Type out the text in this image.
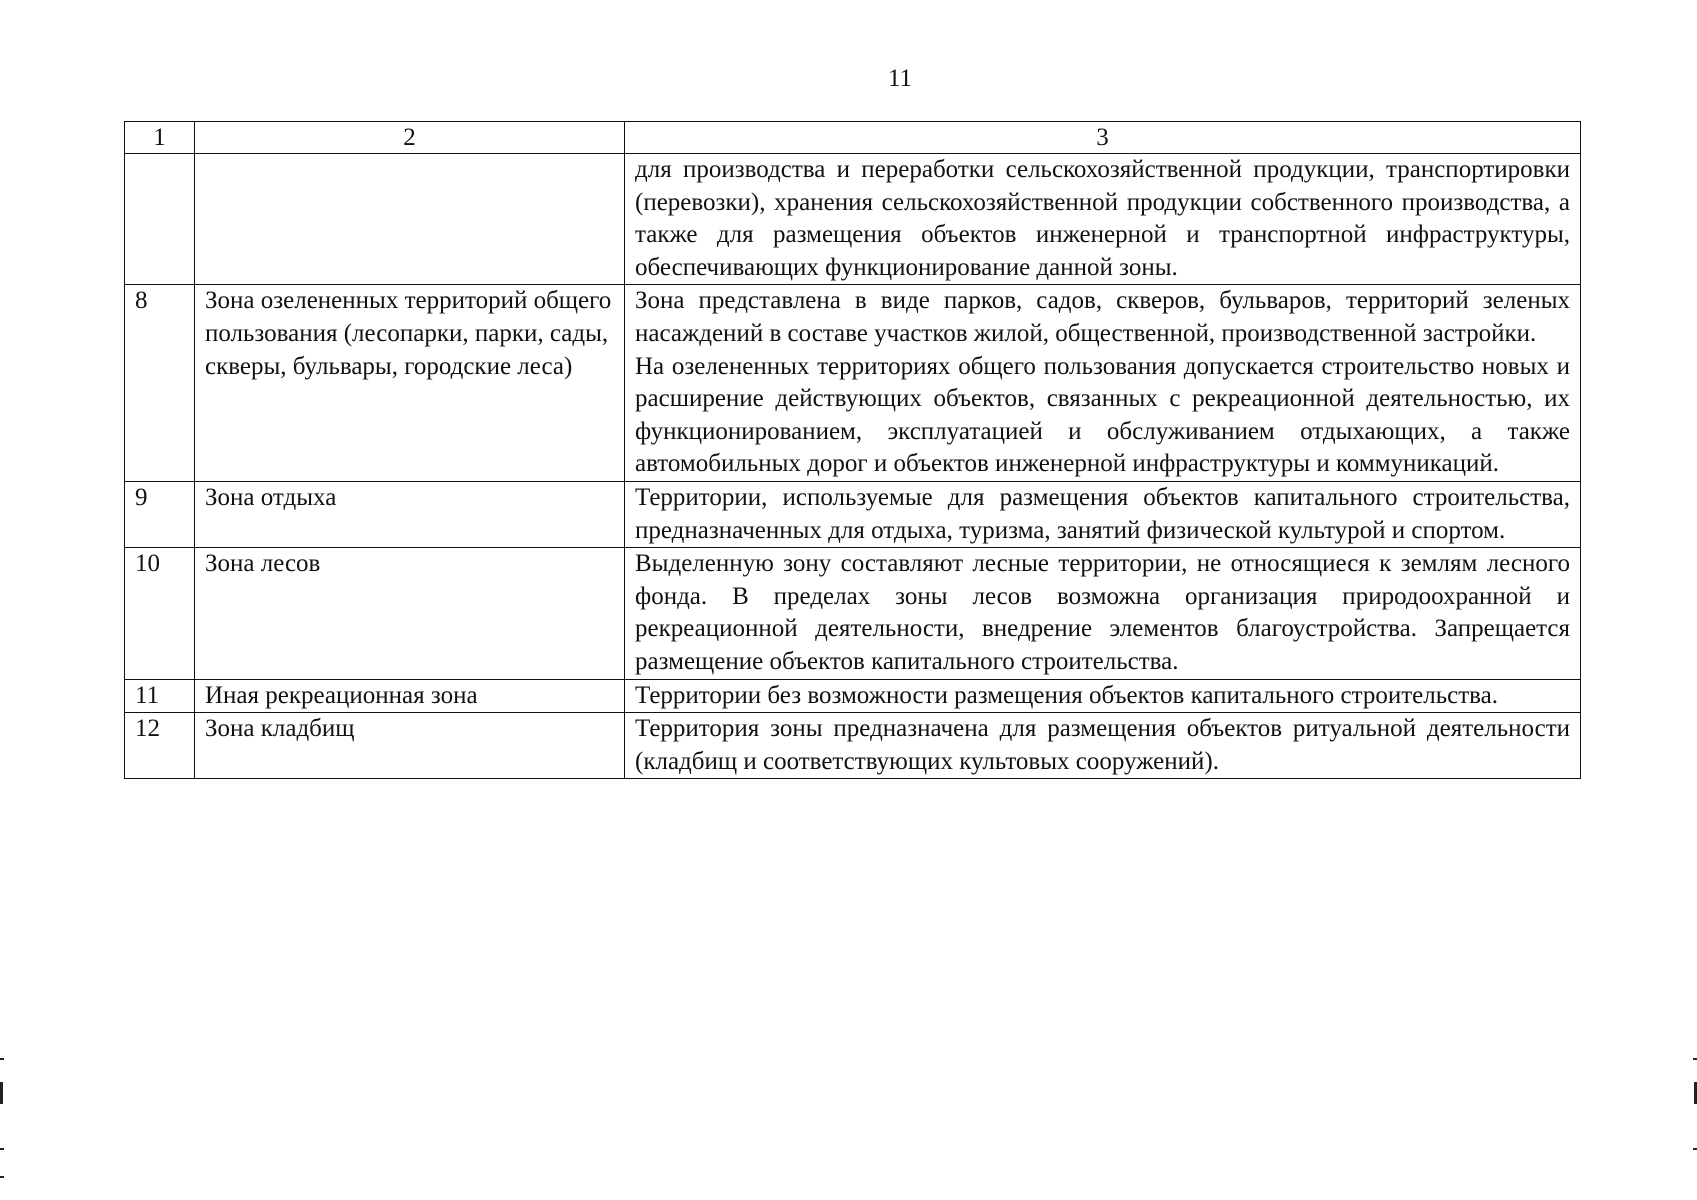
11
1	2	3

		для производства и переработки сельскохозяйственной продукции, транспортировки (перевозки), хранения сельскохозяйственной продукции собственного производства, а также для размещения объектов инженерной и транспортной инфраструктуры, обеспечивающих функционирование данной зоны.

8	Зона озелененных территорий общего пользования (лесопарки, парки, сады, скверы, бульвары, городские леса)	Зона представлена в виде парков, садов, скверов, бульваров, территорий зеленых насаждений в составе участков жилой, общественной, производственной застройки.

На озелененных территориях общего пользования допускается строительство новых и расширение действующих объектов, связанных с рекреационной деятельностью, их функционированием, эксплуатацией и обслуживанием отдыхающих, а также автомобильных дорог и объектов инженерной инфраструктуры и коммуникаций.

9	Зона отдыха	Территории, используемые для размещения объектов капитального строительства, предназначенных для отдыха, туризма, занятий физической культурой и спортом.

10	Зона лесов	Выделенную зону составляют лесные территории, не относящиеся к землям лесного фонда. В пределах зоны лесов возможна организация природоохранной и рекреационной деятельности, внедрение элементов благоустройства. Запрещается размещение объектов капитального строительства.

11	Иная рекреационная зона	Территории без возможности размещения объектов капитального строительства.

12	Зона кладбищ	Территория зоны предназначена для размещения объектов ритуальной деятельности (кладбищ и соответствующих культовых сооружений).
